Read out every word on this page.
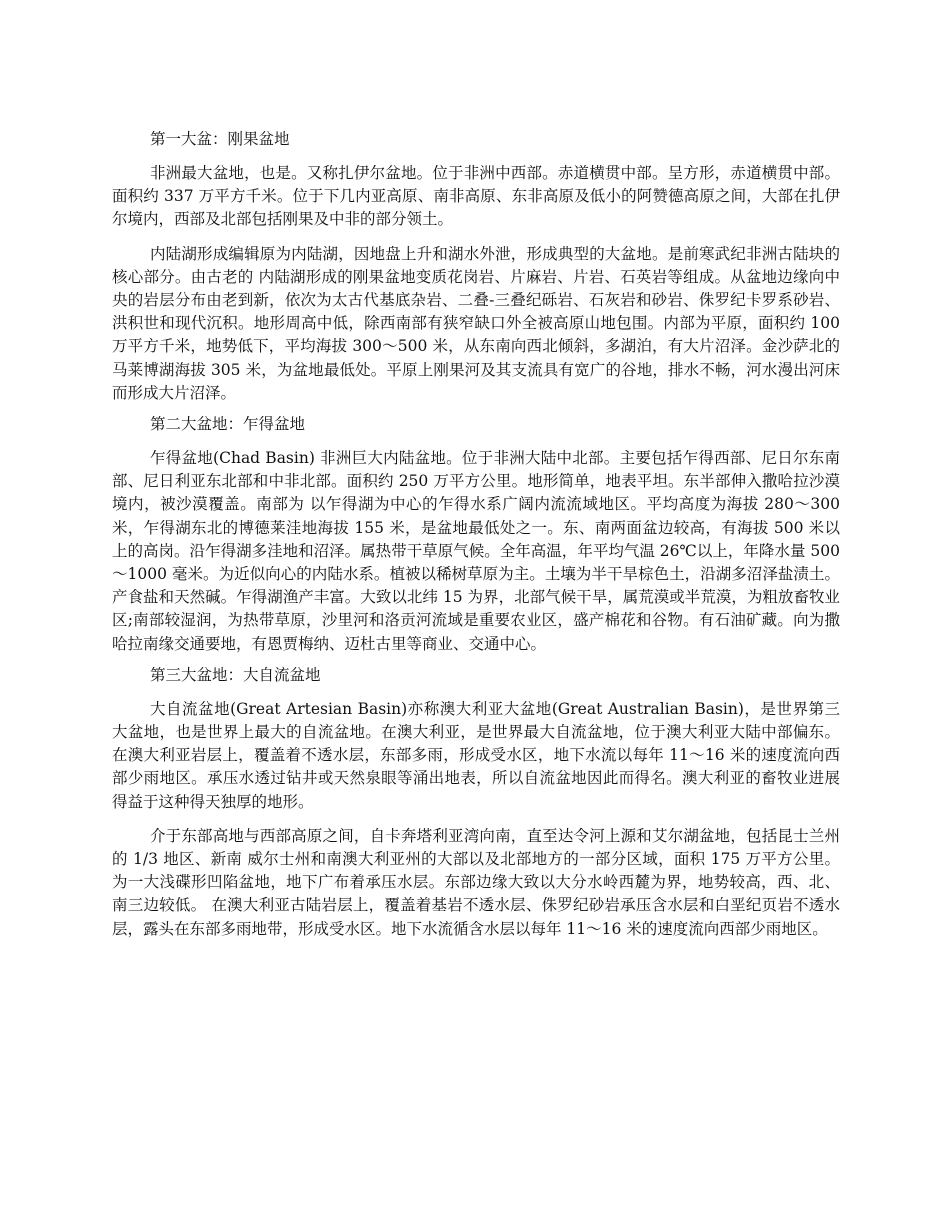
第一大盆：刚果盆地

非洲最大盆地，也是。又称扎伊尔盆地。位于非洲中西部。赤道横贯中部。呈方形，赤道横贯中部。面积约 337 万平方千米。位于下几内亚高原、南非高原、东非高原及低小的阿赞德高原之间，大部在扎伊尔境内，西部及北部包括刚果及中非的部分领土。

内陆湖形成编辑原为内陆湖，因地盘上升和湖水外泄，形成典型的大盆地。是前寒武纪非洲古陆块的核心部分。由古老的 内陆湖形成的刚果盆地变质花岗岩、片麻岩、片岩、石英岩等组成。从盆地边缘向中央的岩层分布由老到新，依次为太古代基底杂岩、二叠-三叠纪砾岩、石灰岩和砂岩、侏罗纪卡罗系砂岩、洪积世和现代沉积。地形周高中低，除西南部有狭窄缺口外全被高原山地包围。内部为平原，面积约 100 万平方千米，地势低下，平均海拔 300～500 米，从东南向西北倾斜，多湖泊，有大片沼泽。金沙萨北的马莱博湖海拔 305 米，为盆地最低处。平原上刚果河及其支流具有宽广的谷地，排水不畅，河水漫出河床而形成大片沼泽。

第二大盆地：乍得盆地

乍得盆地(Chad Basin) 非洲巨大内陆盆地。位于非洲大陆中北部。主要包括乍得西部、尼日尔东南部、尼日利亚东北部和中非北部。面积约 250 万平方公里。地形简单，地表平坦。东半部伸入撒哈拉沙漠境内，被沙漠覆盖。南部为 以乍得湖为中心的乍得水系广阔内流流域地区。平均高度为海拔 280～300 米，乍得湖东北的博德莱洼地海拔 155 米，是盆地最低处之一。东、南两面盆边较高，有海拔 500 米以上的高岗。沿乍得湖多洼地和沼泽。属热带干草原气候。全年高温，年平均气温 26℃以上，年降水量 500～1000 毫米。为近似向心的内陆水系。植被以稀树草原为主。土壤为半干旱棕色土，沿湖多沼泽盐渍土。产食盐和天然碱。乍得湖渔产丰富。大致以北纬 15 为界，北部气候干旱，属荒漠或半荒漠，为粗放畜牧业区;南部较湿润，为热带草原，沙里河和洛贡河流域是重要农业区，盛产棉花和谷物。有石油矿藏。向为撒哈拉南缘交通要地，有恩贾梅纳、迈杜古里等商业、交通中心。

第三大盆地：大自流盆地

大自流盆地(Great Artesian Basin)亦称澳大利亚大盆地(Great Australian Basin)，是世界第三大盆地，也是世界上最大的自流盆地。在澳大利亚，是世界最大自流盆地，位于澳大利亚大陆中部偏东。在澳大利亚岩层上，覆盖着不透水层，东部多雨，形成受水区，地下水流以每年 11～16 米的速度流向西部少雨地区。承压水透过钻井或天然泉眼等涌出地表，所以自流盆地因此而得名。澳大利亚的畜牧业进展得益于这种得天独厚的地形。

介于东部高地与西部高原之间，自卡奔塔利亚湾向南，直至达令河上源和艾尔湖盆地，包括昆士兰州的 1/3 地区、新南 威尔士州和南澳大利亚州的大部以及北部地方的一部分区域，面积 175 万平方公里。为一大浅碟形凹陷盆地，地下广布着承压水层。东部边缘大致以大分水岭西麓为界，地势较高，西、北、南三边较低。 在澳大利亚古陆岩层上，覆盖着基岩不透水层、侏罗纪砂岩承压含水层和白垩纪页岩不透水层，露头在东部多雨地带，形成受水区。地下水流循含水层以每年 11～16 米的速度流向西部少雨地区。
